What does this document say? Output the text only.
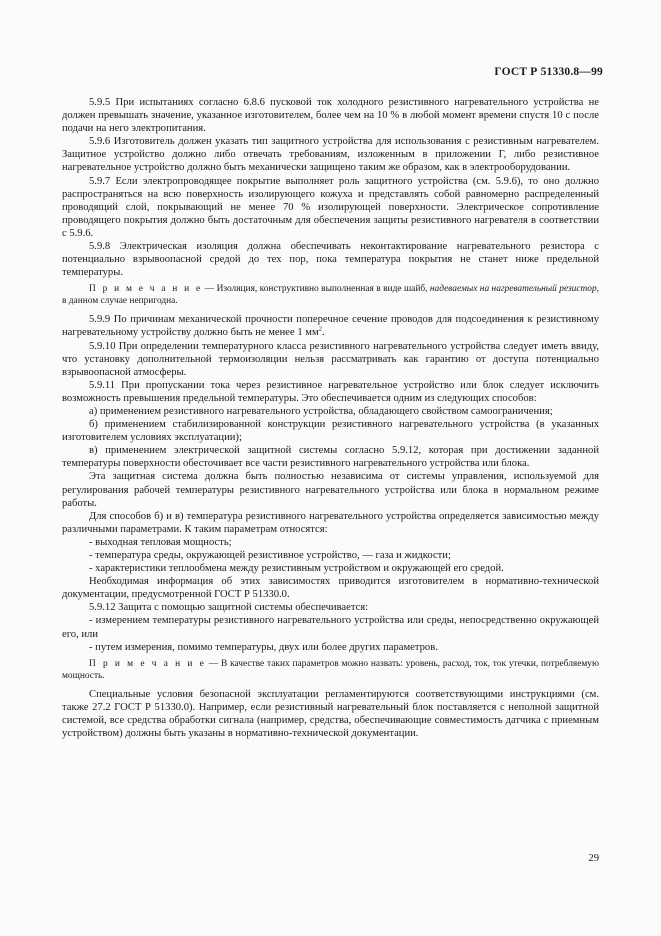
ГОСТ Р 51330.8—99

5.9.5 При испытаниях согласно 6.8.6 пусковой ток холодного резистивного нагревательного устройства не должен превышать значение, указанное изготовителем, более чем на 10 % в любой момент времени спустя 10 с после подачи на него электропитания.

5.9.6 Изготовитель должен указать тип защитного устройства для использования с резистивным нагревателем. Защитное устройство должно либо отвечать требованиям, изложенным в приложении Г, либо резистивное нагревательное устройство должно быть механически защищено таким же образом, как в электрооборудовании.

5.9.7 Если электропроводящее покрытие выполняет роль защитного устройства (см. 5.9.6), то оно должно распространяться на всю поверхность изолирующего кожуха и представлять собой равномерно распределенный проводящий слой, покрывающий не менее 70 % изолирующей поверхности. Электрическое сопротивление проводящего покрытия должно быть достаточным для обеспечения защиты резистивного нагревателя в соответствии с 5.9.6.

5.9.8 Электрическая изоляция должна обеспечивать неконтактирование нагревательного резистора с потенциально взрывоопасной средой до тех пор, пока температура покрытия не станет ниже предельной температуры.

П р и м е ч а н и е — Изоляция, конструктивно выполненная в виде шайб, надеваемых на нагревательный резистор, в данном случае непригодна.

5.9.9 По причинам механической прочности поперечное сечение проводов для подсоединения к резистивному нагревательному устройству должно быть не менее 1 $мм^2$.

5.9.10 При определении температурного класса резистивного нагревательного устройства следует иметь ввиду, что установку дополнительной термоизоляции нельзя рассматривать как гарантию от доступа потенциально взрывоопасной атмосферы.

5.9.11 При пропускании тока через резистивное нагревательное устройство или блок следует исключить возможность превышения предельной температуры. Это обеспечивается одним из следующих способов:

а) применением резистивного нагревательного устройства, обладающего свойством самоограничения;

б) применением стабилизированной конструкции резистивного нагревательного устройства (в указанных изготовителем условиях эксплуатации);

в) применением электрической защитной системы согласно 5.9.12, которая при достижении заданной температуры поверхности обесточивает все части резистивного нагревательного устройства или блока.

Эта защитная система должна быть полностью независима от системы управления, используемой для регулирования рабочей температуры резистивного нагревательного устройства или блока в нормальном режиме работы.

Для способов б) и в) температура резистивного нагревательного устройства определяется зависимостью между различными параметрами. К таким параметрам относятся:

- выходная тепловая мощность;

- температура среды, окружающей резистивное устройство, — газа и жидкости;

- характеристики теплообмена между резистивным устройством и окружающей его средой.

Необходимая информация об этих зависимостях приводится изготовителем в нормативно-технической документации, предусмотренной ГОСТ Р 51330.0.

5.9.12 Защита с помощью защитной системы обеспечивается:

- измерением температуры резистивного нагревательного устройства или среды, непосредственно окружающей его, или

- путем измерения, помимо температуры, двух или более других параметров.

П р и м е ч а н и е — В качестве таких параметров можно назвать: уровень, расход, ток, ток утечки, потребляемую мощность.

Специальные условия безопасной эксплуатации регламентируются соответствующими инструкциями (см. также 27.2 ГОСТ Р 51330.0). Например, если резистивный нагревательный блок поставляется с неполной защитной системой, все средства обработки сигнала (например, средства, обеспечивающие совместимость датчика с приемным устройством) должны быть указаны в нормативно-технической документации.

29
